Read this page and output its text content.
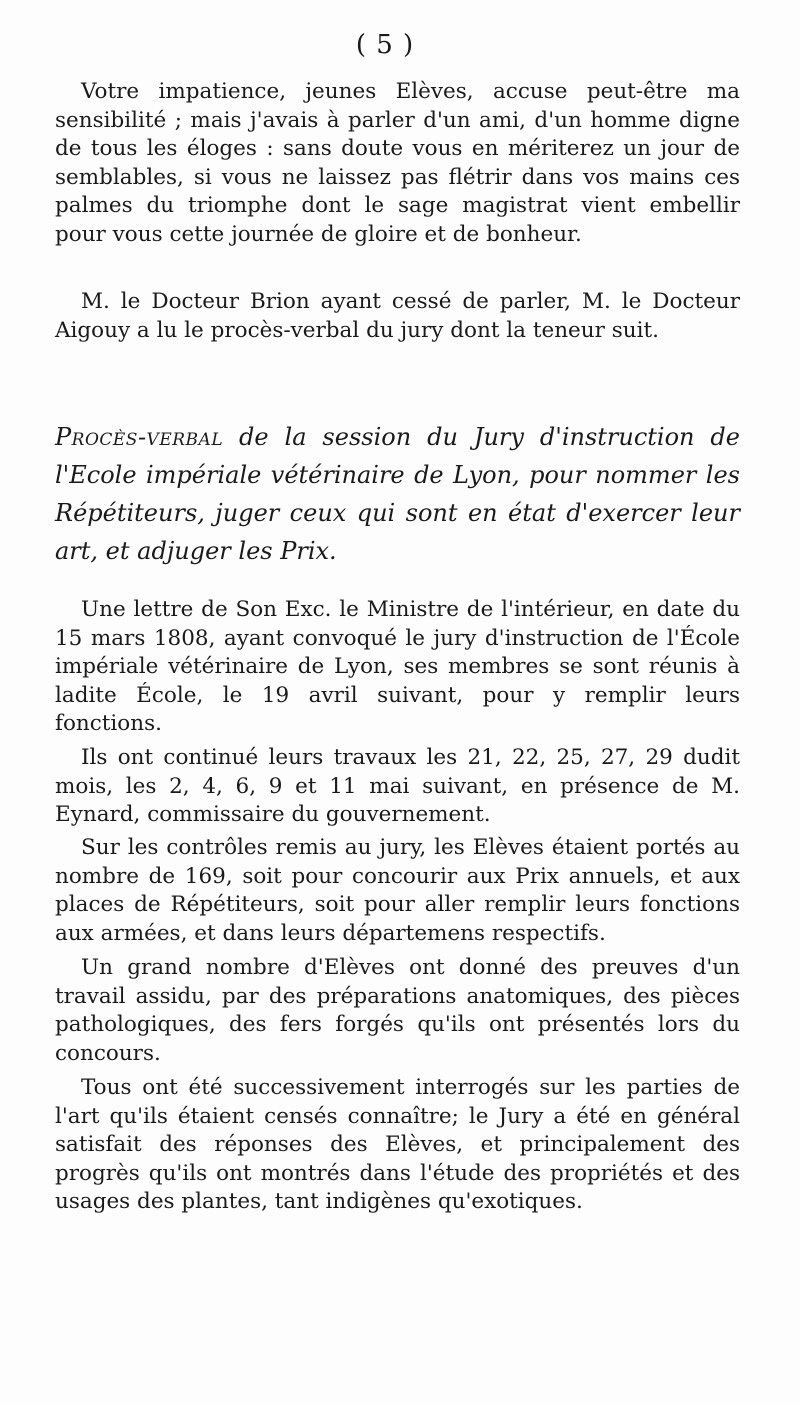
( 5 )

Votre impatience, jeunes Elèves, accuse peut-être ma sensibilité ; mais j'avais à parler d'un ami, d'un homme digne de tous les éloges : sans doute vous en mériterez un jour de semblables, si vous ne laissez pas flétrir dans vos mains ces palmes du triomphe dont le sage magistrat vient embellir pour vous cette journée de gloire et de bonheur.

M. le Docteur Brion ayant cessé de parler, M. le Docteur Aigouy a lu le procès-verbal du jury dont la teneur suit.

Procès-verbal de la session du Jury d'instruction de l'Ecole impériale vétérinaire de Lyon, pour nommer les Répétiteurs, juger ceux qui sont en état d'exercer leur art, et adjuger les Prix.

Une lettre de Son Exc. le Ministre de l'intérieur, en date du 15 mars 1808, ayant convoqué le jury d'instruction de l'École impériale vétérinaire de Lyon, ses membres se sont réunis à ladite École, le 19 avril suivant, pour y remplir leurs fonctions.

Ils ont continué leurs travaux les 21, 22, 25, 27, 29 dudit mois, les 2, 4, 6, 9 et 11 mai suivant, en présence de M. Eynard, commissaire du gouvernement.

Sur les contrôles remis au jury, les Elèves étaient portés au nombre de 169, soit pour concourir aux Prix annuels, et aux places de Répétiteurs, soit pour aller remplir leurs fonctions aux armées, et dans leurs départemens respectifs.

Un grand nombre d'Elèves ont donné des preuves d'un travail assidu, par des préparations anatomiques, des pièces pathologiques, des fers forgés qu'ils ont présentés lors du concours.

Tous ont été successivement interrogés sur les parties de l'art qu'ils étaient censés connaître; le Jury a été en général satisfait des réponses des Elèves, et principalement des progrès qu'ils ont montrés dans l'étude des propriétés et des usages des plantes, tant indigènes qu'exotiques.
